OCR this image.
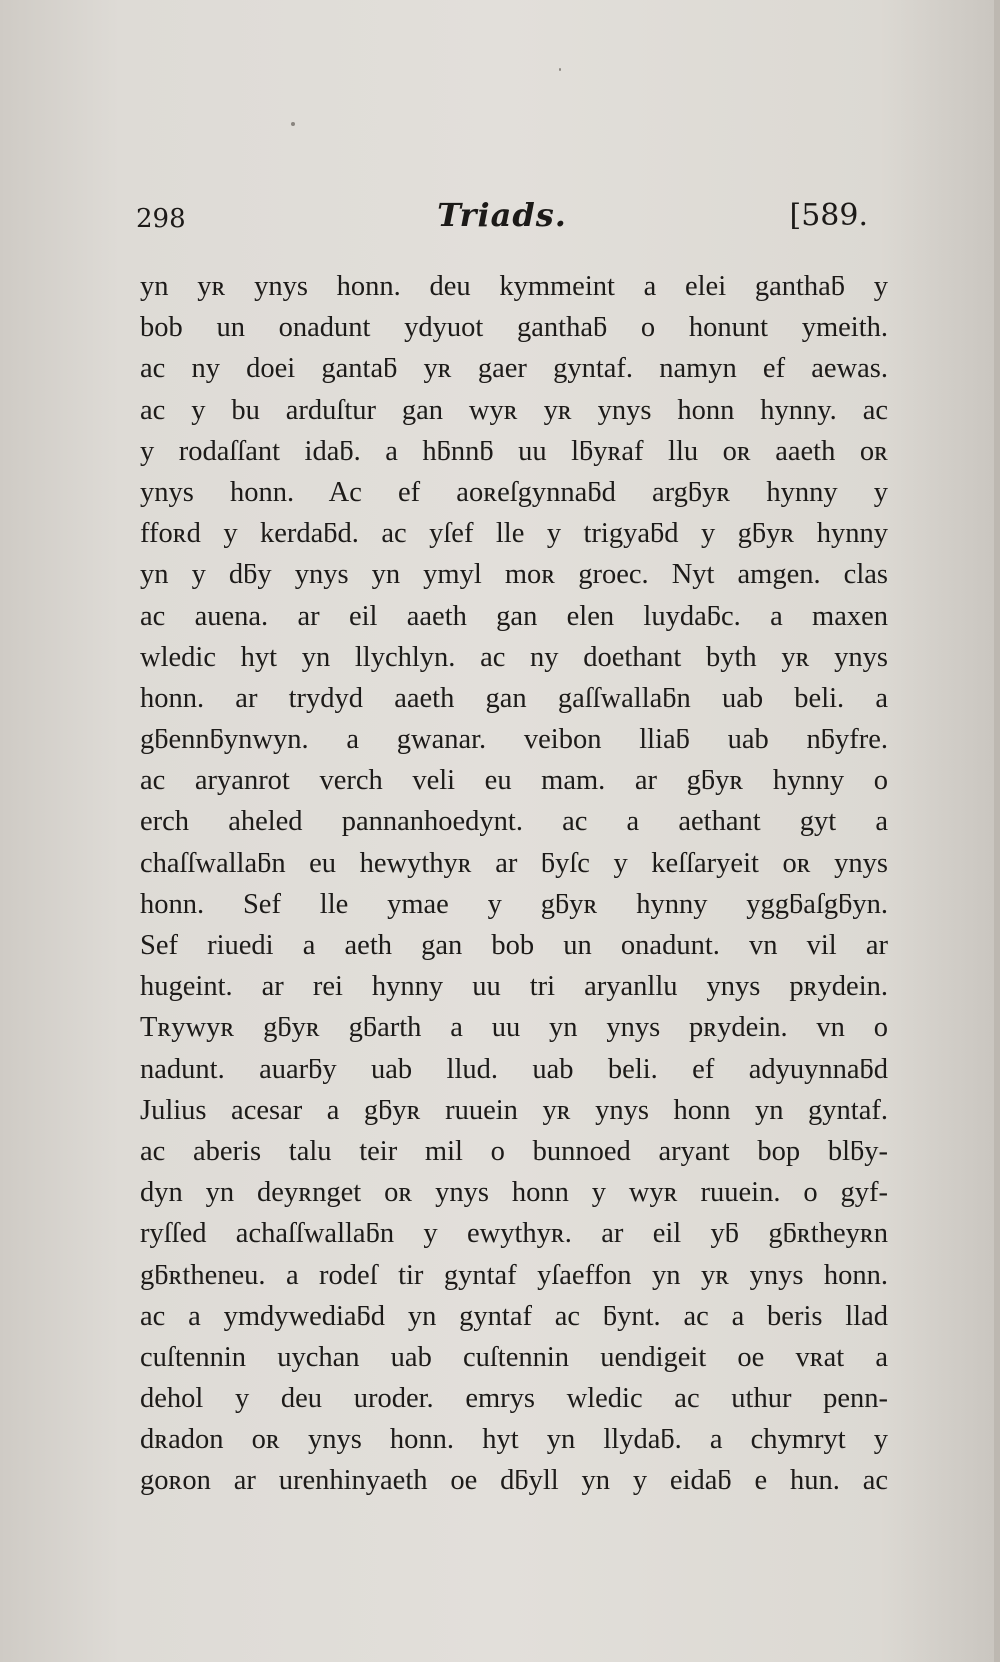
298	Triads.	[589.
yn yʀ ynys honn. deu kymmeint a elei ganthaƃ y
bob un onadunt ydyuot ganthaƃ o honunt ymeith.
ac ny doei gantaƃ yʀ gaer gyntaf. namyn ef aewas.
ac y bu arduſtur gan wyʀ yʀ ynys honn hynny. ac
y rodaſſant idaƃ. a hƃnnƃ uu lƃyʀaf llu oʀ aaeth oʀ
ynys honn. Ac ef aoʀeſgynnaƃd argƃyʀ hynny y
ffoʀd y kerdaƃd. ac yſef lle y trigyaƃd y gƃyʀ hynny
yn y dƃy ynys yn ymyl moʀ groec. Nyt amgen. clas
ac auena. ar eil aaeth gan elen luydaƃc. a maxen
wledic hyt yn llychlyn. ac ny doethant byth yʀ ynys
honn. ar trydyd aaeth gan gaſſwallaƃn uab beli. a
gƃennƃynwyn. a gwanar. veibon lliaƃ uab nƃyfre.
ac aryanrot verch veli eu mam. ar gƃyʀ hynny o
erch aheled pannanhoedynt. ac a aethant gyt a
chaſſwallaƃn eu hewythyʀ ar ƃyſc y keſſaryeit oʀ ynys
honn. Sef lle ymae y gƃyʀ hynny yggƃaſgƃyn.
Sef riuedi a aeth gan bob un onadunt. vn vil ar
hugeint. ar rei hynny uu tri aryanllu ynys pʀydein.
Tʀywyʀ gƃyʀ gƃarth a uu yn ynys pʀydein. vn o
nadunt. auarƃy uab llud. uab beli. ef adyuynnaƃd
Julius acesar a gƃyʀ ruuein yʀ ynys honn yn gyntaf.
ac aberis talu teir mil o bunnoed aryant bop blƃy-
dyn yn deyʀnget oʀ ynys honn y wyʀ ruuein. o gyf-
ryſſed achaſſwallaƃn y ewythyʀ. ar eil yƃ gƃʀtheyʀn
gƃʀtheneu. a rodeſ tir gyntaf yſaeffon yn yʀ ynys honn.
ac a ymdywediaƃd yn gyntaf ac ƃynt. ac a beris llad
cuſtennin uychan uab cuſtennin uendigeit oe vʀat a
dehol y deu uroder. emrys wledic ac uthur penn-
dʀadon oʀ ynys honn. hyt yn llydaƃ. a chymryt y
goʀon ar urenhinyaeth oe dƃyll yn y eidaƃ e hun. ac
